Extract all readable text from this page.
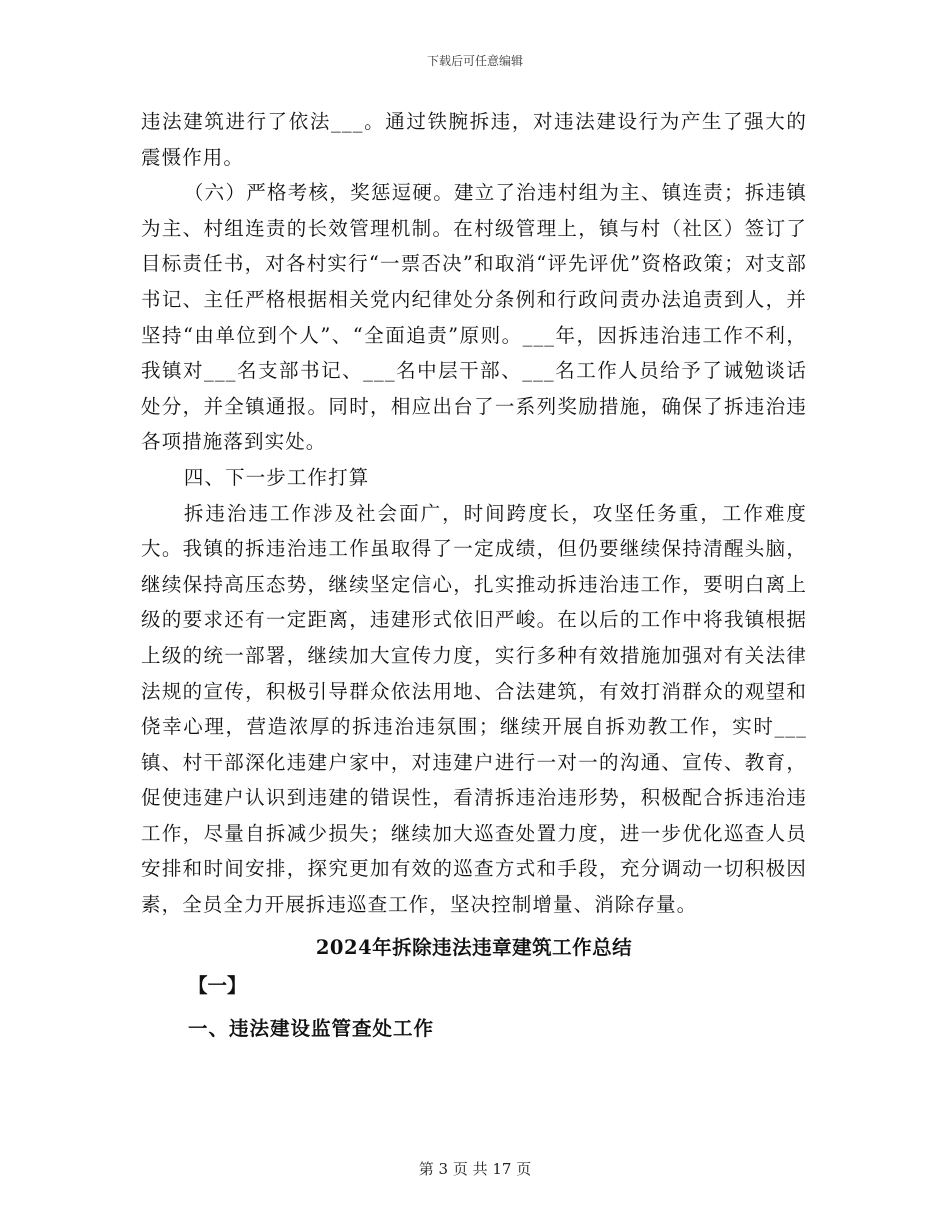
下载后可任意编辑

违法建筑进行了依法___。通过铁腕拆违，对违法建设行为产生了强大的震慑作用。

（六）严格考核，奖惩逗硬。建立了治违村组为主、镇连责；拆违镇为主、村组连责的长效管理机制。在村级管理上，镇与村（社区）签订了目标责任书，对各村实行“一票否决”和取消“评先评优”资格政策；对支部书记、主任严格根据相关党内纪律处分条例和行政问责办法追责到人，并坚持“由单位到个人”、“全面追责”原则。___年，因拆违治违工作不利，我镇对___名支部书记、___名中层干部、___名工作人员给予了诫勉谈话处分，并全镇通报。同时，相应出台了一系列奖励措施，确保了拆违治违各项措施落到实处。

四、下一步工作打算

拆违治违工作涉及社会面广，时间跨度长，攻坚任务重，工作难度大。我镇的拆违治违工作虽取得了一定成绩，但仍要继续保持清醒头脑，继续保持高压态势，继续坚定信心，扎实推动拆违治违工作，要明白离上级的要求还有一定距离，违建形式依旧严峻。在以后的工作中将我镇根据上级的统一部署，继续加大宣传力度，实行多种有效措施加强对有关法律法规的宣传，积极引导群众依法用地、合法建筑，有效打消群众的观望和侥幸心理，营造浓厚的拆违治违氛围；继续开展自拆劝教工作，实时___镇、村干部深化违建户家中，对违建户进行一对一的沟通、宣传、教育，促使违建户认识到违建的错误性，看清拆违治违形势，积极配合拆违治违工作，尽量自拆减少损失；继续加大巡查处置力度，进一步优化巡查人员安排和时间安排，探究更加有效的巡查方式和手段，充分调动一切积极因素，全员全力开展拆违巡查工作，坚决控制增量、消除存量。

2024年拆除违法违章建筑工作总结
【一】
一、违法建设监管查处工作
第 3 页 共 17 页
